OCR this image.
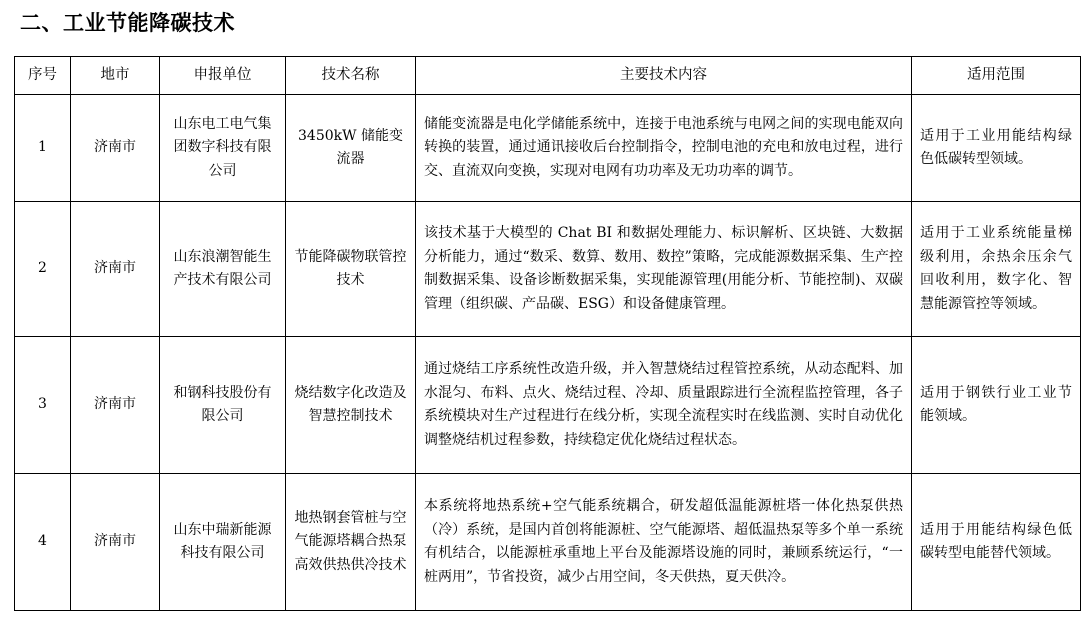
二、工业节能降碳技术
序号	地市	申报单位	技术名称	主要技术内容	适用范围
1	济南市	山东电工电气集团数字科技有限公司	3450kW 储能变流器	储能变流器是电化学储能系统中，连接于电池系统与电网之间的实现电能双向转换的装置，通过通讯接收后台控制指令，控制电池的充电和放电过程，进行交、直流双向变换，实现对电网有功功率及无功功率的调节。	适用于工业用能结构绿色低碳转型领域。
2	济南市	山东浪潮智能生产技术有限公司	节能降碳物联管控技术	该技术基于大模型的 Chat BI 和数据处理能力、标识解析、区块链、大数据分析能力，通过“数采、数算、数用、数控”策略，完成能源数据采集、生产控制数据采集、设备诊断数据采集，实现能源管理(用能分析、节能控制)、双碳管理（组织碳、产品碳、ESG）和设备健康管理。	适用于工业系统能量梯级利用，余热余压余气回收利用，数字化、智慧能源管控等领域。
3	济南市	和钢科技股份有限公司	烧结数字化改造及智慧控制技术	通过烧结工序系统性改造升级，并入智慧烧结过程管控系统，从动态配料、加水混匀、布料、点火、烧结过程、冷却、质量跟踪进行全流程监控管理，各子系统模块对生产过程进行在线分析，实现全流程实时在线监测、实时自动优化调整烧结机过程参数，持续稳定优化烧结过程状态。	适用于钢铁行业工业节能领域。
4	济南市	山东中瑞新能源科技有限公司	地热钢套管桩与空气能源塔耦合热泵高效供热供冷技术	本系统将地热系统+空气能系统耦合，研发超低温能源桩塔一体化热泵供热（冷）系统，是国内首创将能源桩、空气能源塔、超低温热泵等多个单一系统有机结合，以能源桩承重地上平台及能源塔设施的同时，兼顾系统运行，“一桩两用”，节省投资，减少占用空间，冬天供热，夏天供冷。	适用于用能结构绿色低碳转型电能替代领域。
